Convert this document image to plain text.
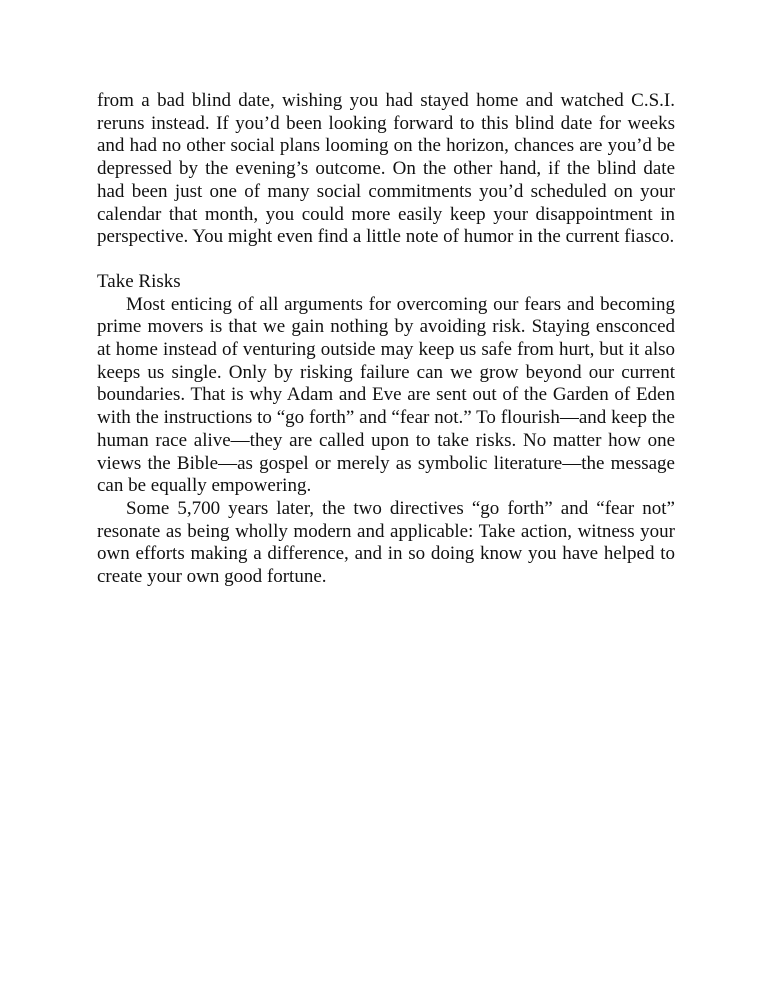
from a bad blind date, wishing you had stayed home and watched C.S.I. reruns instead. If you’d been looking forward to this blind date for weeks and had no other social plans looming on the horizon, chances are you’d be depressed by the evening’s outcome. On the other hand, if the blind date had been just one of many social commitments you’d scheduled on your calendar that month, you could more easily keep your disappointment in perspective. You might even find a little note of humor in the current fiasco.

Take Risks

Most enticing of all arguments for overcoming our fears and becoming prime movers is that we gain nothing by avoiding risk. Staying ensconced at home instead of venturing outside may keep us safe from hurt, but it also keeps us single. Only by risking failure can we grow beyond our current boundaries. That is why Adam and Eve are sent out of the Garden of Eden with the instructions to “go forth” and “fear not.” To flourish—and keep the human race alive—they are called upon to take risks. No matter how one views the Bible—as gospel or merely as symbolic literature—the message can be equally empowering.

Some 5,700 years later, the two directives “go forth” and “fear not” resonate as being wholly modern and applicable: Take action, witness your own efforts making a difference, and in so doing know you have helped to create your own good fortune.
